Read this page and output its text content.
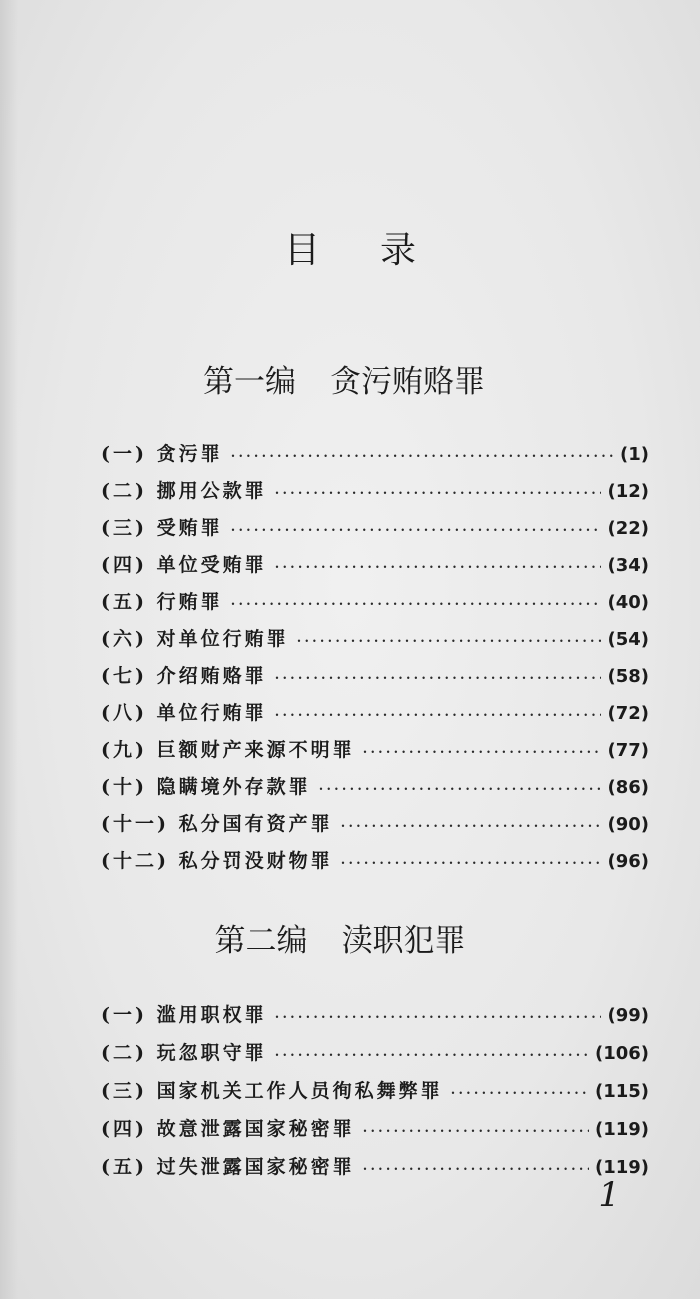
目录
第一编 贪污贿赂罪
(一) 贪污罪 •••••	(1)
(二) 挪用公款罪 •••••	(12)
(三) 受贿罪 •••••	(22)
(四) 单位受贿罪 •••••	(34)
(五) 行贿罪 •••••	(40)
(六) 对单位行贿罪 •••••	(54)
(七) 介绍贿赂罪 •••••	(58)
(八) 单位行贿罪 •••••	(72)
(九) 巨额财产来源不明罪 •••••	(77)
(十) 隐瞒境外存款罪 •••••	(86)
(十一) 私分国有资产罪 •••••	(90)
(十二) 私分罚没财物罪 •••••	(96)
第二编 渎职犯罪
(一) 滥用职权罪 •••••	(99)
(二) 玩忽职守罪 •••••	(106)
(三) 国家机关工作人员徇私舞弊罪 •••••	(115)
(四) 故意泄露国家秘密罪 •••••	(119)
(五) 过失泄露国家秘密罪 •••••	(119)
1
